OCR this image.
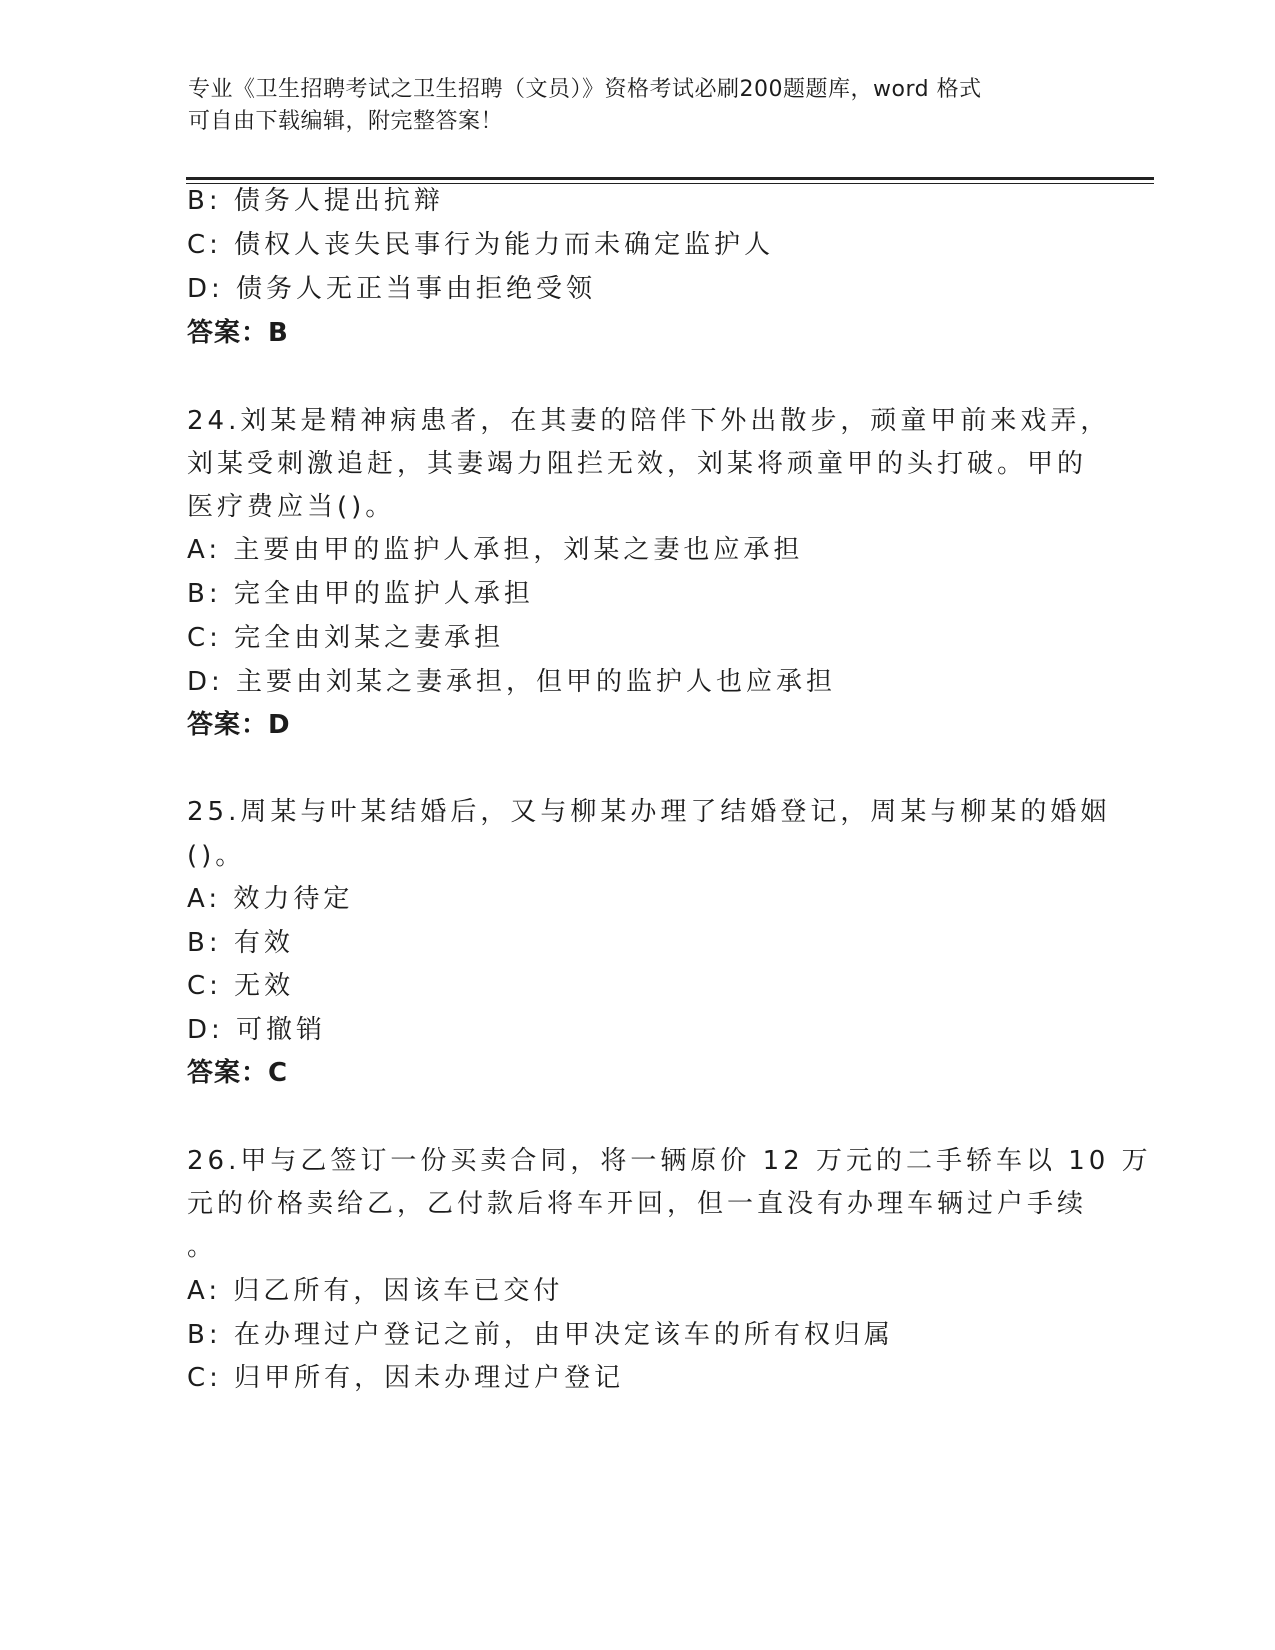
专业《卫生招聘考试之卫生招聘（文员）》资格考试必刷200题题库，word 格式
可自由下载编辑，附完整答案！
B: 债务人提出抗辩
C: 债权人丧失民事行为能力而未确定监护人
D: 债务人无正当事由拒绝受领
答案：B
24.刘某是精神病患者，在其妻的陪伴下外出散步，顽童甲前来戏弄，
刘某受刺激追赶，其妻竭力阻拦无效，刘某将顽童甲的头打破。甲的
医疗费应当()。
A: 主要由甲的监护人承担，刘某之妻也应承担
B: 完全由甲的监护人承担
C: 完全由刘某之妻承担
D: 主要由刘某之妻承担，但甲的监护人也应承担
答案：D
25.周某与叶某结婚后，又与柳某办理了结婚登记，周某与柳某的婚姻
()。
A: 效力待定
B: 有效
C: 无效
D: 可撤销
答案：C
26.甲与乙签订一份买卖合同，将一辆原价 12 万元的二手轿车以 10 万
元的价格卖给乙，乙付款后将车开回，但一直没有办理车辆过户手续
。
A: 归乙所有，因该车已交付
B: 在办理过户登记之前，由甲决定该车的所有权归属
C: 归甲所有，因未办理过户登记
